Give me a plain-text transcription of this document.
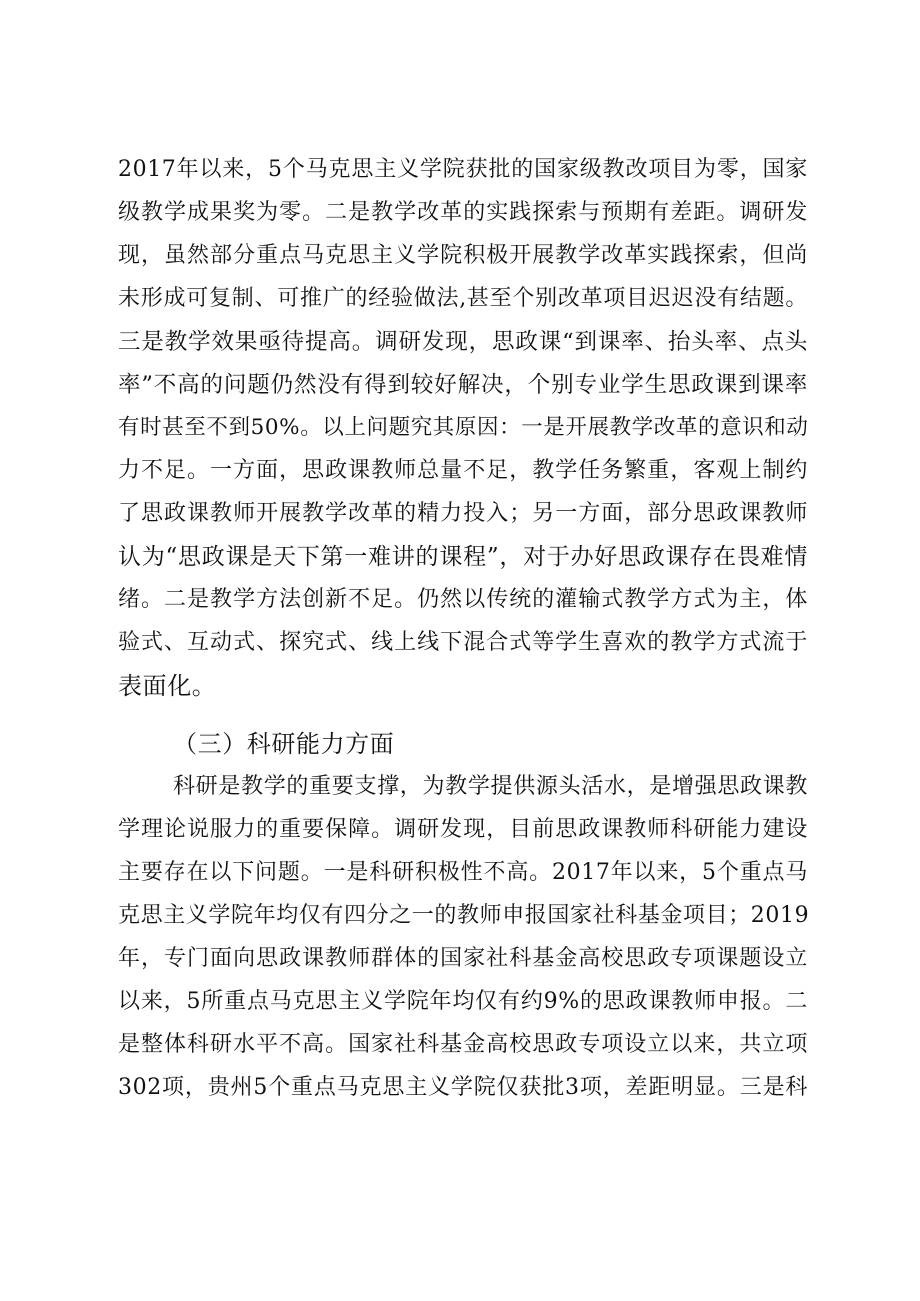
2017年以来，5个马克思主义学院获批的国家级教改项目为零，国家
级教学成果奖为零。二是教学改革的实践探索与预期有差距。调研发
现，虽然部分重点马克思主义学院积极开展教学改革实践探索，但尚
未形成可复制、可推广的经验做法,甚至个别改革项目迟迟没有结题。
三是教学效果亟待提高。调研发现，思政课“到课率、抬头率、点头
率”不高的问题仍然没有得到较好解决，个别专业学生思政课到课率
有时甚至不到50%。以上问题究其原因：一是开展教学改革的意识和动
力不足。一方面，思政课教师总量不足，教学任务繁重，客观上制约
了思政课教师开展教学改革的精力投入；另一方面，部分思政课教师
认为“思政课是天下第一难讲的课程”，对于办好思政课存在畏难情
绪。二是教学方法创新不足。仍然以传统的灌输式教学方式为主，体
验式、互动式、探究式、线上线下混合式等学生喜欢的教学方式流于
表面化。
（三）科研能力方面
科研是教学的重要支撑，为教学提供源头活水，是增强思政课教
学理论说服力的重要保障。调研发现，目前思政课教师科研能力建设
主要存在以下问题。一是科研积极性不高。2017年以来，5个重点马
克思主义学院年均仅有四分之一的教师申报国家社科基金项目；2019
年，专门面向思政课教师群体的国家社科基金高校思政专项课题设立
以来，5所重点马克思主义学院年均仅有约9%的思政课教师申报。二
是整体科研水平不高。国家社科基金高校思政专项设立以来，共立项
302项，贵州5个重点马克思主义学院仅获批3项，差距明显。三是科
